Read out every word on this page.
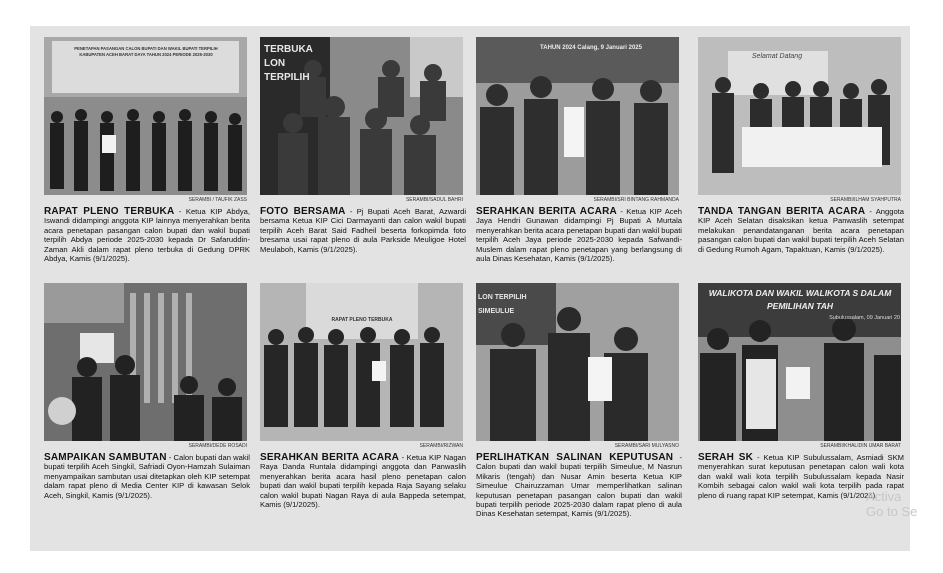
PENETAPAN PASANGAN CALON BUPATI DAN WAKIL BUPATI TERPILIH KABUPATEN ACEH BARAT DAYA TAHUN 2024 PERIODE 2025-2030
SERAMBI / TAUFIK ZASS
RAPAT PLENO TERBUKA - Ketua KIP Abdya, Iswandi didampingi anggota KIP lainnya menyerahkan berita acara penetapan pasangan calon bupati dan wakil bupati terpilih Abdya periode 2025-2030 kepada Dr Safaruddin-Zaman Akli dalam rapat pleno terbuka di Gedung DPRK Abdya, Kamis (9/1/2025).
TERBUKA LON TERPILIH
SERAMBI/SADUL BAHRI
FOTO BERSAMA - Pj Bupati Aceh Barat, Azwardi bersama Ketua KIP Cici Darmayanti dan calon wakil bupati terpilih Aceh Barat Said Fadheil beserta forkopimda foto bresama usai rapat pleno di aula Parkside Meuligoe Hotel Meulaboh, Kamis (9/1/2025).
TAHUN 2024 Calang, 9 Januari 2025
SERAMBI/SRI BINTANG RAHMANDA
SERAHKAN BERITA ACARA - Ketua KIP Aceh Jaya Hendri Gunawan didampingi Pj Bupati A Murtala menyerahkan berita acara penetapan bupati dan wakil bupati terpilih Aceh Jaya periode 2025-2030 kepada Safwandi-Muslem dalam rapat pleno penetapan yang berlangsung di aula Dinas Kesehatan, Kamis (9/1/2025).
Selamat Datang
SERAMBI/ILHAM SYAHPUTRA
TANDA TANGAN BERITA ACARA - Anggota KIP Aceh Selatan disaksikan ketua Panwaslih setempat melakukan penandatanganan berita acara penetapan pasangan calon bupati dan wakil bupati terpilih Aceh Selatan di Gedung Rumoh Agam, Tapaktuan, Kamis (9/1/2025).
SERAMBI/DEDE ROSADI
SAMPAIKAN SAMBUTAN - Calon bupati dan wakil bupati terpilih Aceh Singkil, Safriadi Oyon-Hamzah Sulaiman menyampaikan sambutan usai ditetapkan oleh KIP setempat dalam rapat pleno di Media Center KIP di kawasan Selok Aceh, Singkil, Kamis (9/1/2025).
RAPAT PLENO TERBUKA
SERAMBI/RIZWAN
SERAHKAN BERITA ACARA - Ketua KIP Nagan Raya Danda Runtala didampingi anggota dan Panwaslih menyerahkan berita acara hasil pleno penetapan calon bupati dan wakil bupati terpilih kepada Raja Sayang selaku calon wakil bupati Nagan Raya di aula Bappeda setempat, Kamis (9/1/2025).
LON TERPILIH SIMEULUE
SERAMBI/SARI MULYASNO
PERLIHATKAN SALINAN KEPUTUSAN - Calon bupati dan wakil bupati terpilih Simeulue, M Nasrun Mikaris (tengah) dan Nusar Amin beserta Ketua KIP Simeulue Chairuzzaman Umar memperlihatkan salinan keputusan penetapan pasangan calon bupati dan wakil bupati terpilih periode 2025-2030 dalam rapat pleno di aula Dinas Kesehatan setempat, Kamis (9/1/2025).
WALIKOTA DAN WAKIL WALIKOTA S DALAM PEMILIHAN TAH
Subulussalam, 09 Januari 20
SERAMBI/KHALIDIN UMAR BARAT
SERAH SK - Ketua KIP Subulussalam, Asmiadi SKM menyerahkan surat keputusan penetapan calon wali kota dan wakil wali kota terpilih Subulussalam kepada Nasir Kombih sebagai calon wakil wali kota terpilih pada rapat pleno di ruang rapat KIP setempat, Kamis (9/1/2025).
Activa
Go to Se
